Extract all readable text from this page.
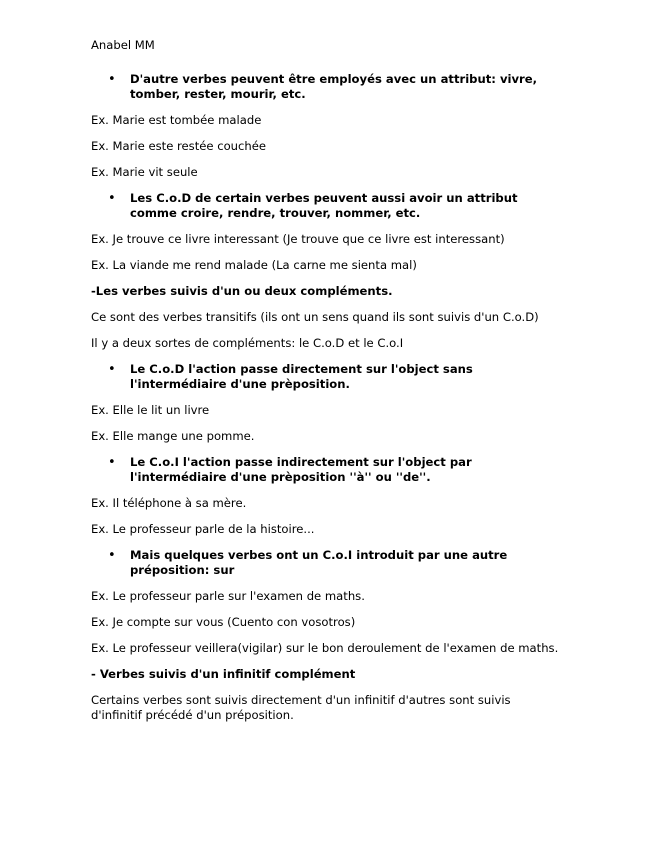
Anabel MM
• D'autre verbes peuvent être employés avec un attribut: vivre, tomber, rester, mourir, etc.
Ex. Marie est tombée malade
Ex. Marie este restée couchée
Ex. Marie vit seule
• Les C.o.D de certain verbes peuvent aussi avoir un attribut comme croire, rendre, trouver, nommer, etc.
Ex. Je trouve ce livre interessant (Je trouve que ce livre est interessant)
Ex. La viande me rend malade (La carne me sienta mal)
-Les verbes suivis d'un ou deux compléments.
Ce sont des verbes transitifs (ils ont un sens quand ils sont suivis d'un C.o.D)
Il y a deux sortes de compléments: le C.o.D et le C.o.I
• Le C.o.D l'action passe directement sur l'object sans l'intermédiaire d'une prèposition.
Ex. Elle le lit un livre
Ex. Elle mange une pomme.
• Le C.o.I l'action passe indirectement sur l'object par l'intermédiaire d'une prèposition ''à'' ou ''de''.
Ex. Il téléphone à sa mère.
Ex. Le professeur parle de la histoire...
• Mais quelques verbes ont un C.o.I introduit par une autre préposition: sur
Ex. Le professeur parle sur l'examen de maths.
Ex. Je compte sur vous (Cuento con vosotros)
Ex. Le professeur veillera(vigilar) sur le bon deroulement de l'examen de maths.
- Verbes suivis d'un infinitif complément
Certains verbes sont suivis directement d'un infinitif d'autres sont suivis d'infinitif précédé d'un préposition.
